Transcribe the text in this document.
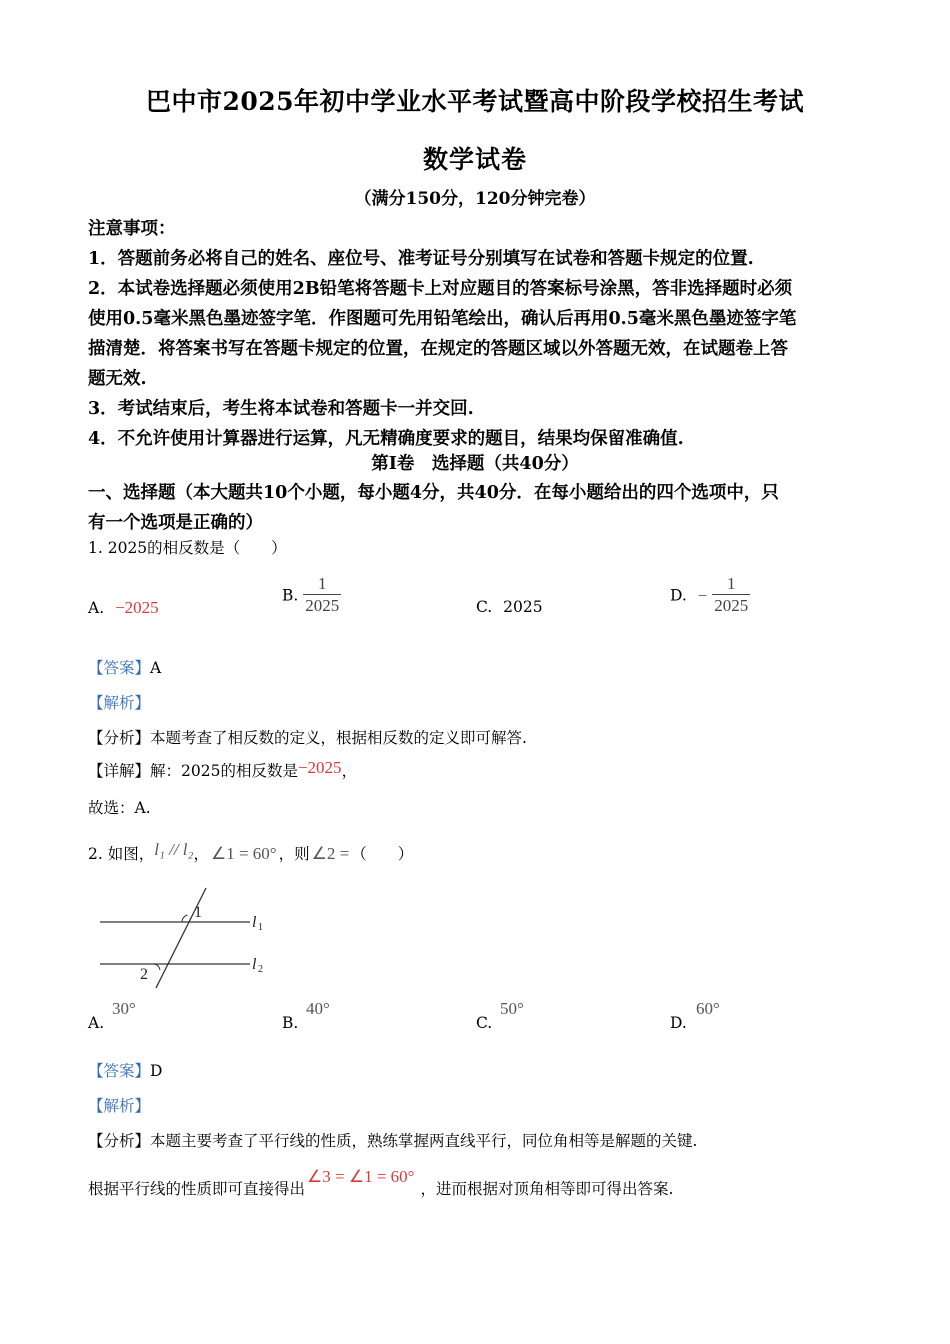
巴中市2025年初中学业水平考试暨高中阶段学校招生考试
数学试卷
（满分150分，120分钟完卷）

注意事项：

1．答题前务必将自己的姓名、座位号、准考证号分别填写在试卷和答题卡规定的位置.

2．本试卷选择题必须使用2B铅笔将答题卡上对应题目的答案标号涂黑，答非选择题时必须

使用0.5毫米黑色墨迹签字笔．作图题可先用铅笔绘出，确认后再用0.5毫米黑色墨迹签字笔

描清楚．将答案书写在答题卡规定的位置，在规定的答题区域以外答题无效，在试题卷上答

题无效.

3．考试结束后，考生将本试卷和答题卡一并交回.

4．不允许使用计算器进行运算，凡无精确度要求的题目，结果均保留准确值.

第Ⅰ卷　选择题（共40分）
一、选择题（本大题共10个小题，每小题4分，共40分．在每小题给出的四个选项中，只
有一个选项是正确的）
1. 2025的相反数是（　　）
A. −2025
B. $\frac{1}{2025}$	C. 2025
D. − $\frac{1}{2025}$
【答案】A
【解析】
【分析】本题考查了相反数的定义，根据相反数的定义即可解答.
【详解】解：2025的相反数是−2025，
故选：A.
2. 如图，l₁ // l₂， ∠1 = 60° ，则 ∠2 = （　　）
1
2
l 1
l 2
A.
30°
B.
40°
C.
50°
D.
60°
【答案】D
【解析】
【分析】本题主要考查了平行线的性质，熟练掌握两直线平行，同位角相等是解题的关键.
根据平行线的性质即可直接得出∠3 = ∠1 = 60°，进而根据对顶角相等即可得出答案.
